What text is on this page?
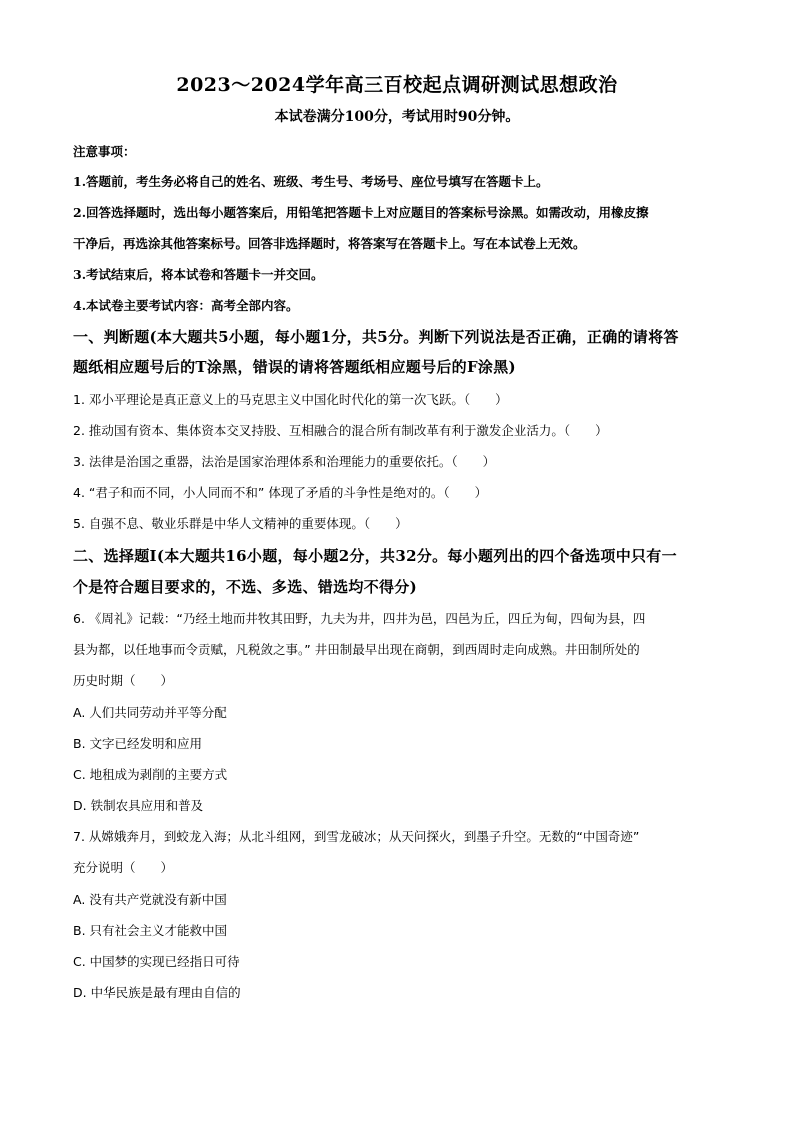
2023～2024学年高三百校起点调研测试思想政治
本试卷满分100分，考试用时90分钟。
注意事项：
1.答题前，考生务必将自己的姓名、班级、考生号、考场号、座位号填写在答题卡上。
2.回答选择题时，选出每小题答案后，用铅笔把答题卡上对应题目的答案标号涂黑。如需改动，用橡皮擦
干净后，再选涂其他答案标号。回答非选择题时，将答案写在答题卡上。写在本试卷上无效。
3.考试结束后，将本试卷和答题卡一并交回。
4.本试卷主要考试内容：高考全部内容。
一、判断题(本大题共5小题，每小题1分，共5分。判断下列说法是否正确，正确的请将答
题纸相应题号后的T涂黑，错误的请将答题纸相应题号后的F涂黑)
1. 邓小平理论是真正意义上的马克思主义中国化时代化的第一次飞跃。（　　）
2. 推动国有资本、集体资本交叉持股、互相融合的混合所有制改革有利于激发企业活力。（　　）
3. 法律是治国之重器，法治是国家治理体系和治理能力的重要依托。（　　）
4. “君子和而不同，小人同而不和” 体现了矛盾的斗争性是绝对的。（　　）
5. 自强不息、敬业乐群是中华人文精神的重要体现。（　　）
二、选择题Ⅰ(本大题共16小题，每小题2分，共32分。每小题列出的四个备选项中只有一
个是符合题目要求的，不选、多选、错选均不得分)
6. 《周礼》记载：“乃经土地而井牧其田野，九夫为井，四井为邑，四邑为丘，四丘为甸，四甸为县，四
县为都，以任地事而令贡赋，凡税敛之事。” 井田制最早出现在商朝，到西周时走向成熟。井田制所处的
历史时期（　　）
A. 人们共同劳动并平等分配
B. 文字已经发明和应用
C. 地租成为剥削的主要方式
D. 铁制农具应用和普及
7. 从嫦娥奔月，到蛟龙入海；从北斗组网，到雪龙破冰；从天问探火，到墨子升空。无数的“中国奇迹”
充分说明（　　）
A. 没有共产党就没有新中国
B. 只有社会主义才能救中国
C. 中国梦的实现已经指日可待
D. 中华民族是最有理由自信的
